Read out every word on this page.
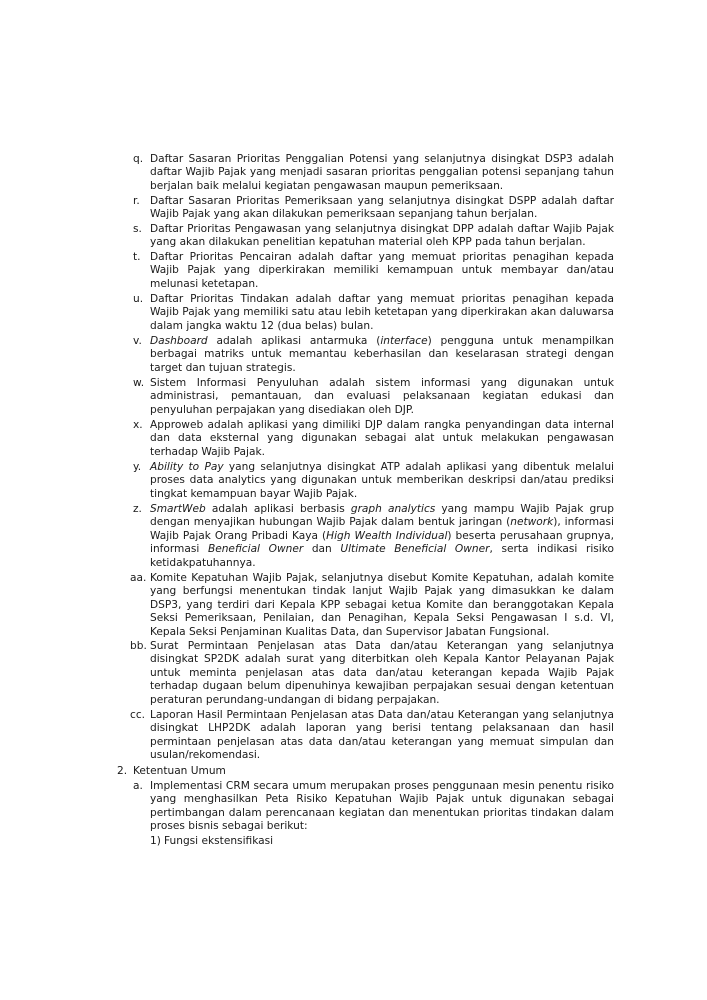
q. Daftar Sasaran Prioritas Penggalian Potensi yang selanjutnya disingkat DSP3 adalah daftar Wajib Pajak yang menjadi sasaran prioritas penggalian potensi sepanjang tahun berjalan baik melalui kegiatan pengawasan maupun pemeriksaan.
r. Daftar Sasaran Prioritas Pemeriksaan yang selanjutnya disingkat DSPP adalah daftar Wajib Pajak yang akan dilakukan pemeriksaan sepanjang tahun berjalan.
s. Daftar Prioritas Pengawasan yang selanjutnya disingkat DPP adalah daftar Wajib Pajak yang akan dilakukan penelitian kepatuhan material oleh KPP pada tahun berjalan.
t. Daftar Prioritas Pencairan adalah daftar yang memuat prioritas penagihan kepada Wajib Pajak yang diperkirakan memiliki kemampuan untuk membayar dan/atau melunasi ketetapan.
u. Daftar Prioritas Tindakan adalah daftar yang memuat prioritas penagihan kepada Wajib Pajak yang memiliki satu atau lebih ketetapan yang diperkirakan akan daluwarsa dalam jangka waktu 12 (dua belas) bulan.
v. Dashboard adalah aplikasi antarmuka (interface) pengguna untuk menampilkan berbagai matriks untuk memantau keberhasilan dan keselarasan strategi dengan target dan tujuan strategis.
w. Sistem Informasi Penyuluhan adalah sistem informasi yang digunakan untuk administrasi, pemantauan, dan evaluasi pelaksanaan kegiatan edukasi dan penyuluhan perpajakan yang disediakan oleh DJP.
x. Approweb adalah aplikasi yang dimiliki DJP dalam rangka penyandingan data internal dan data eksternal yang digunakan sebagai alat untuk melakukan pengawasan terhadap Wajib Pajak.
y. Ability to Pay yang selanjutnya disingkat ATP adalah aplikasi yang dibentuk melalui proses data analytics yang digunakan untuk memberikan deskripsi dan/atau prediksi tingkat kemampuan bayar Wajib Pajak.
z. SmartWeb adalah aplikasi berbasis graph analytics yang mampu Wajib Pajak grup dengan menyajikan hubungan Wajib Pajak dalam bentuk jaringan (network), informasi Wajib Pajak Orang Pribadi Kaya (High Wealth Individual) beserta perusahaan grupnya, informasi Beneficial Owner dan Ultimate Beneficial Owner, serta indikasi risiko ketidakpatuhannya.
aa. Komite Kepatuhan Wajib Pajak, selanjutnya disebut Komite Kepatuhan, adalah komite yang berfungsi menentukan tindak lanjut Wajib Pajak yang dimasukkan ke dalam DSP3, yang terdiri dari Kepala KPP sebagai ketua Komite dan beranggotakan Kepala Seksi Pemeriksaan, Penilaian, dan Penagihan, Kepala Seksi Pengawasan I s.d. VI, Kepala Seksi Penjaminan Kualitas Data, dan Supervisor Jabatan Fungsional.
bb. Surat Permintaan Penjelasan atas Data dan/atau Keterangan yang selanjutnya disingkat SP2DK adalah surat yang diterbitkan oleh Kepala Kantor Pelayanan Pajak untuk meminta penjelasan atas data dan/atau keterangan kepada Wajib Pajak terhadap dugaan belum dipenuhinya kewajiban perpajakan sesuai dengan ketentuan peraturan perundang-undangan di bidang perpajakan.
cc. Laporan Hasil Permintaan Penjelasan atas Data dan/atau Keterangan yang selanjutnya disingkat LHP2DK adalah laporan yang berisi tentang pelaksanaan dan hasil permintaan penjelasan atas data dan/atau keterangan yang memuat simpulan dan usulan/rekomendasi.
2. Ketentuan Umum
a. Implementasi CRM secara umum merupakan proses penggunaan mesin penentu risiko yang menghasilkan Peta Risiko Kepatuhan Wajib Pajak untuk digunakan sebagai pertimbangan dalam perencanaan kegiatan dan menentukan prioritas tindakan dalam proses bisnis sebagai berikut:
1) Fungsi ekstensifikasi
